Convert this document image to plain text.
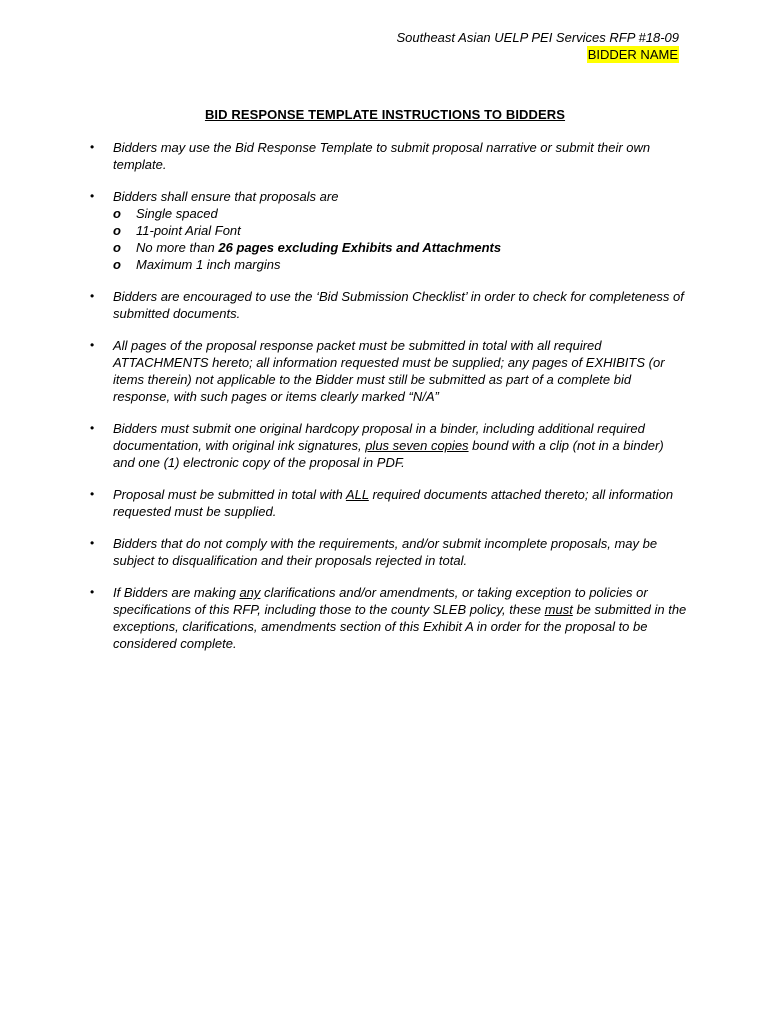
Southeast Asian UELP PEI Services RFP #18-09
BIDDER NAME
BID RESPONSE TEMPLATE INSTRUCTIONS TO BIDDERS
• Bidders may use the Bid Response Template to submit proposal narrative or submit their own template.
• Bidders shall ensure that proposals are
o Single spaced
o 11-point Arial Font
o No more than 26 pages excluding Exhibits and Attachments
o Maximum 1 inch margins
• Bidders are encouraged to use the ‘Bid Submission Checklist’ in order to check for completeness of submitted documents.
• All pages of the proposal response packet must be submitted in total with all required ATTACHMENTS hereto; all information requested must be supplied; any pages of EXHIBITS (or items therein) not applicable to the Bidder must still be submitted as part of a complete bid response, with such pages or items clearly marked “N/A”
• Bidders must submit one original hardcopy proposal in a binder, including additional required documentation, with original ink signatures, plus seven copies bound with a clip (not in a binder) and one (1) electronic copy of the proposal in PDF.
• Proposal must be submitted in total with ALL required documents attached thereto; all information requested must be supplied.
• Bidders that do not comply with the requirements, and/or submit incomplete proposals, may be subject to disqualification and their proposals rejected in total.
• If Bidders are making any clarifications and/or amendments, or taking exception to policies or specifications of this RFP, including those to the county SLEB policy, these must be submitted in the exceptions, clarifications, amendments section of this Exhibit A in order for the proposal to be considered complete.
